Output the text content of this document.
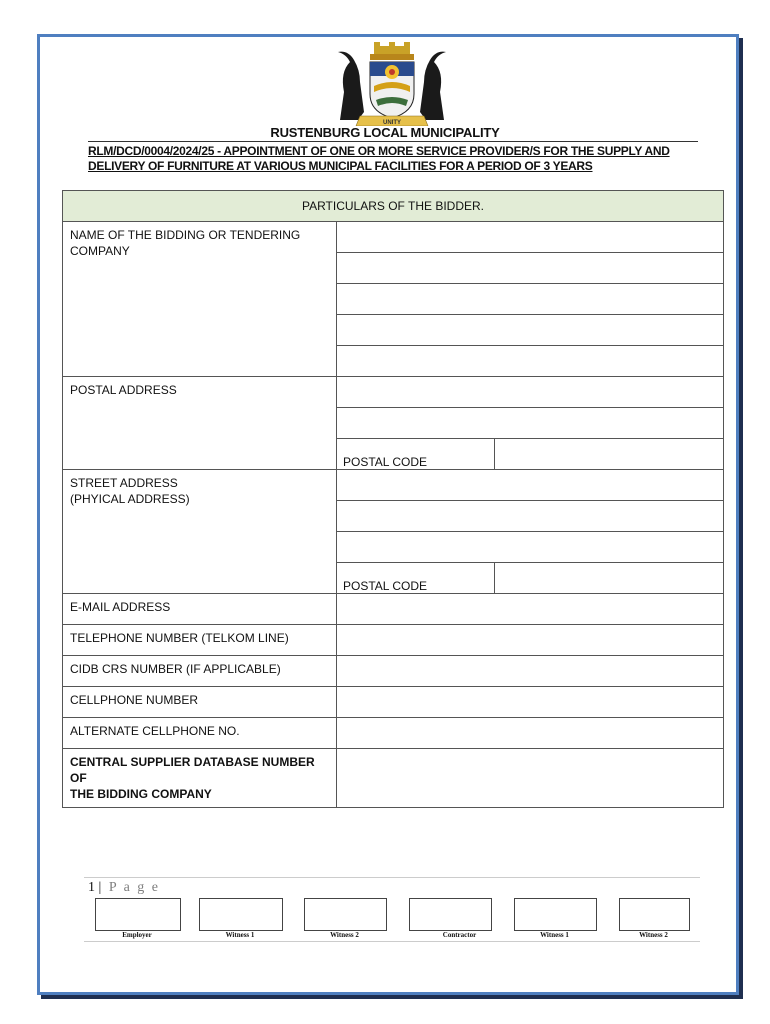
UNITY
RUSTENBURG LOCAL MUNICIPALITY
RLM/DCD/0004/2024/25 - APPOINTMENT OF ONE OR MORE SERVICE PROVIDER/S FOR THE SUPPLY AND
DELIVERY OF FURNITURE AT VARIOUS MUNICIPAL FACILITIES FOR A PERIOD OF 3 YEARS
PARTICULARS OF THE BIDDER.		

NAME OF THE BIDDING OR TENDERING
COMPANY		

POSTAL ADDRESS		

	POSTAL CODE	

STREET ADDRESS
(PHYICAL ADDRESS)		

	POSTAL CODE	
E-MAIL ADDRESS		
TELEPHONE NUMBER (TELKOM LINE)		
CIDB CRS NUMBER (IF APPLICABLE)		
CELLPHONE NUMBER		
ALTERNATE CELLPHONE NO.		

CENTRAL SUPPLIER DATABASE NUMBER OF
THE BIDDING COMPANY		

1 | P a g e
Employer	Witness 1	Witness 2	Contractor	Witness 1	Witness 2
